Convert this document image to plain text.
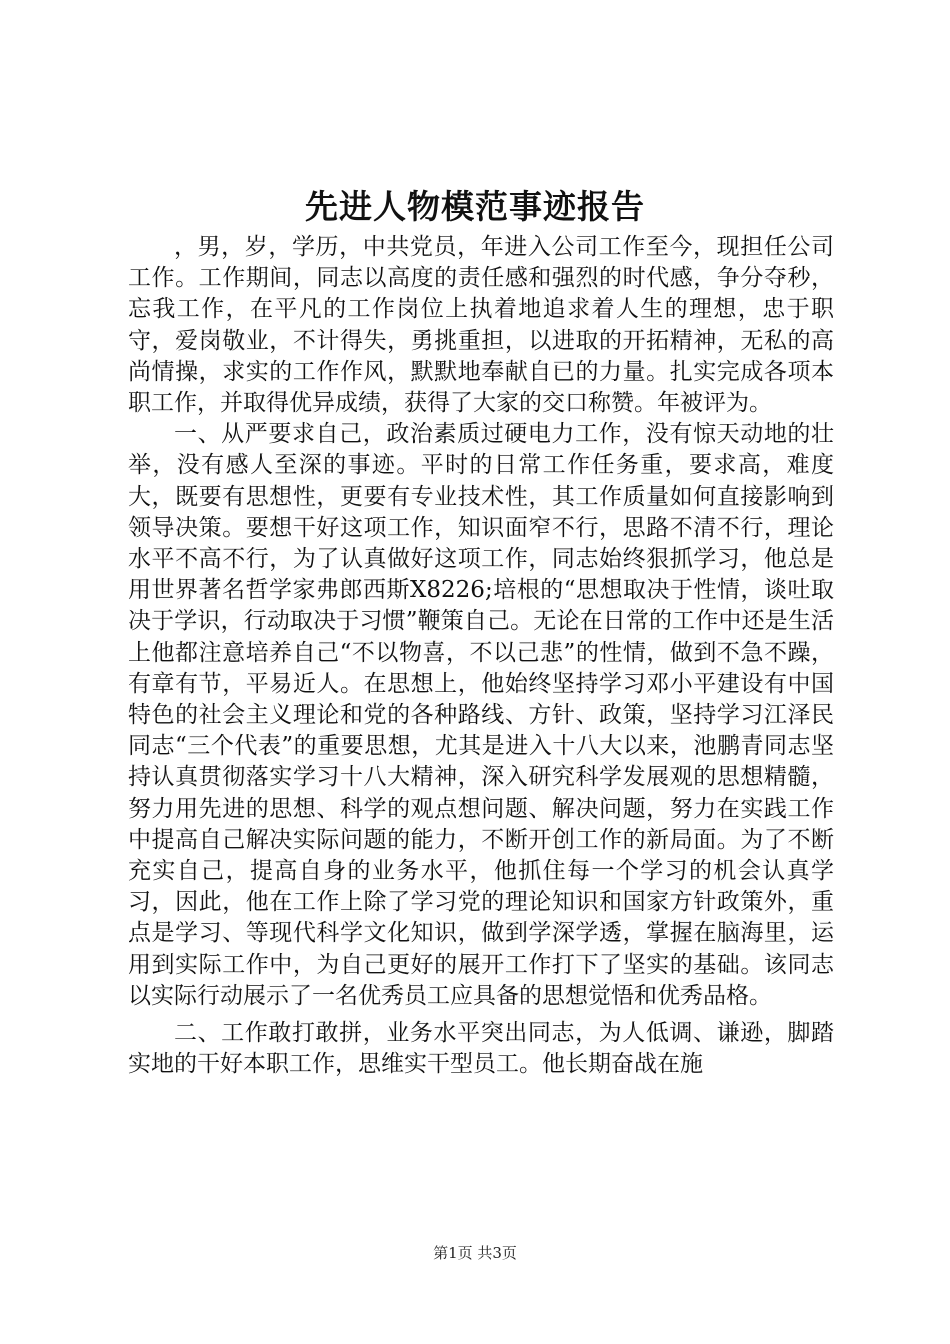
先进人物模范事迹报告

，男，岁，学历，中共党员，年进入公司工作至今，现担任公司工作。工作期间，同志以高度的责任感和强烈的时代感，争分夺秒，忘我工作，在平凡的工作岗位上执着地追求着人生的理想，忠于职守，爱岗敬业，不计得失，勇挑重担，以进取的开拓精神，无私的高尚情操，求实的工作作风，默默地奉献自已的力量。扎实完成各项本职工作，并取得优异成绩，获得了大家的交口称赞。年被评为。

一、从严要求自己，政治素质过硬电力工作，没有惊天动地的壮举，没有感人至深的事迹。平时的日常工作任务重，要求高，难度大，既要有思想性，更要有专业技术性，其工作质量如何直接影响到领导决策。要想干好这项工作，知识面窄不行，思路不清不行，理论水平不高不行，为了认真做好这项工作，同志始终狠抓学习，他总是用世界著名哲学家弗郎西斯X8226;培根的“思想取决于性情，谈吐取决于学识，行动取决于习惯”鞭策自己。无论在日常的工作中还是生活上他都注意培养自己“不以物喜，不以己悲”的性情，做到不急不躁，有章有节，平易近人。在思想上，他始终坚持学习邓小平建设有中国特色的社会主义理论和党的各种路线、方针、政策，坚持学习江泽民同志“三个代表”的重要思想，尤其是进入十八大以来，池鹏青同志坚持认真贯彻落实学习十八大精神，深入研究科学发展观的思想精髓，努力用先进的思想、科学的观点想问题、解决问题，努力在实践工作中提高自己解决实际问题的能力，不断开创工作的新局面。为了不断充实自己，提高自身的业务水平，他抓住每一个学习的机会认真学习，因此，他在工作上除了学习党的理论知识和国家方针政策外，重点是学习、等现代科学文化知识，做到学深学透，掌握在脑海里，运用到实际工作中，为自己更好的展开工作打下了坚实的基础。该同志以实际行动展示了一名优秀员工应具备的思想觉悟和优秀品格。

二、工作敢打敢拼，业务水平突出同志，为人低调、谦逊，脚踏实地的干好本职工作，思维实干型员工。他长期奋战在施

第1页 共3页
